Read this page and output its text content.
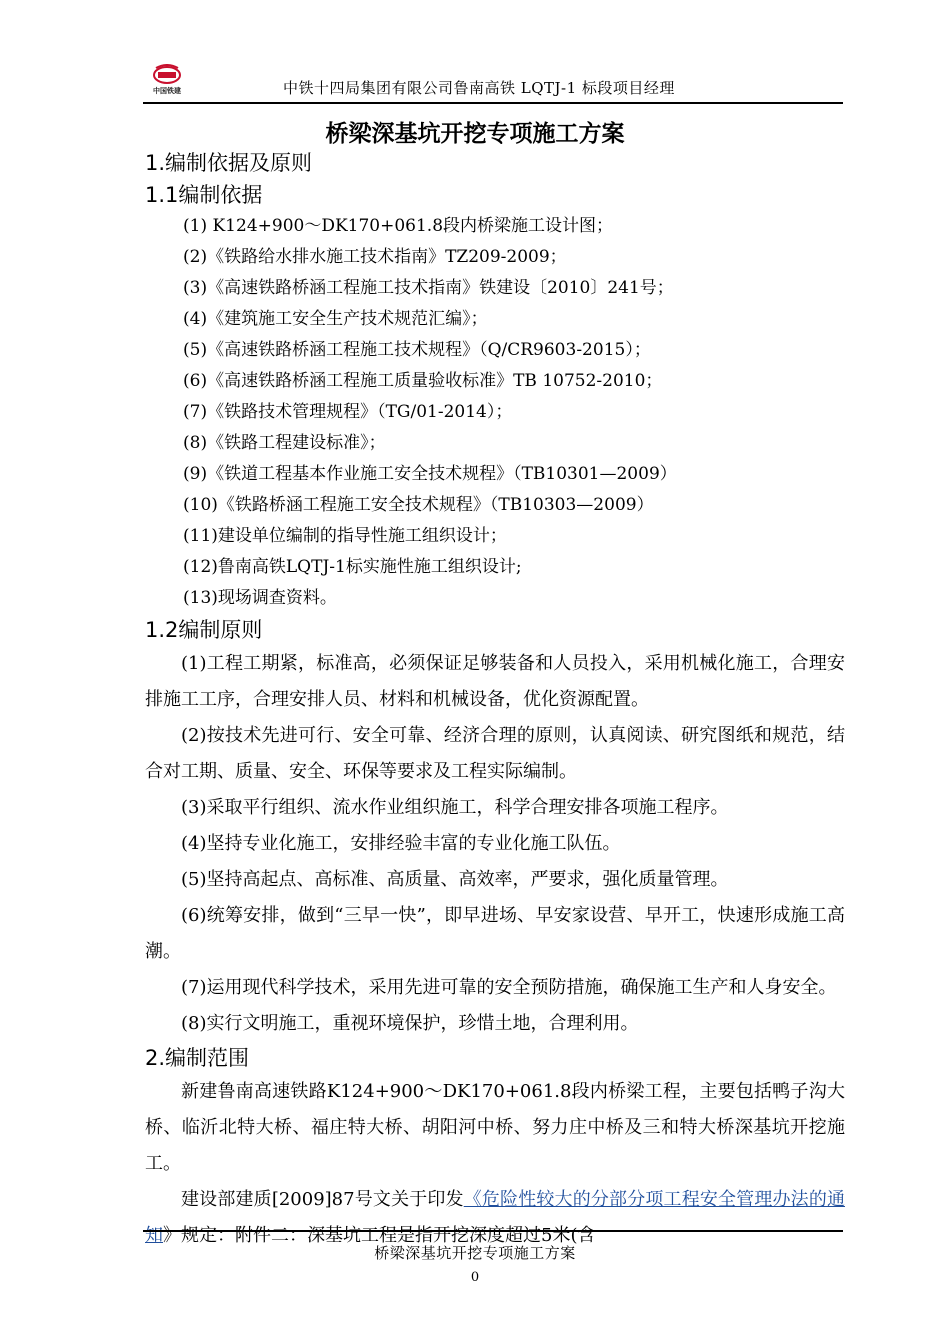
中国铁建	中铁十四局集团有限公司鲁南高铁 LQTJ-1 标段项目经理
桥梁深基坑开挖专项施工方案
1.编制依据及原则
1.1编制依据
(1) K124+900～DK170+061.8段内桥梁施工设计图；
(2)《铁路给水排水施工技术指南》TZ209-2009；
(3)《高速铁路桥涵工程施工技术指南》铁建设〔2010〕241号；
(4)《建筑施工安全生产技术规范汇编》；
(5)《高速铁路桥涵工程施工技术规程》（Q/CR9603-2015）；
(6)《高速铁路桥涵工程施工质量验收标准》TB 10752-2010；
(7)《铁路技术管理规程》（TG/01-2014）；
(8)《铁路工程建设标准》；
(9)《铁道工程基本作业施工安全技术规程》（TB10301—2009）
(10)《铁路桥涵工程施工安全技术规程》（TB10303—2009）
(11)建设单位编制的指导性施工组织设计；
(12)鲁南高铁LQTJ-1标实施性施工组织设计;
(13)现场调查资料。
1.2编制原则
(1)工程工期紧，标准高，必须保证足够装备和人员投入，采用机械化施工，合理安排施工工序，合理安排人员、材料和机械设备，优化资源配置。
(2)按技术先进可行、安全可靠、经济合理的原则，认真阅读、研究图纸和规范，结合对工期、质量、安全、环保等要求及工程实际编制。
(3)采取平行组织、流水作业组织施工，科学合理安排各项施工程序。
(4)坚持专业化施工，安排经验丰富的专业化施工队伍。
(5)坚持高起点、高标准、高质量、高效率，严要求，强化质量管理。
(6)统筹安排，做到“三早一快”，即早进场、早安家设营、早开工，快速形成施工高潮。
(7)运用现代科学技术，采用先进可靠的安全预防措施，确保施工生产和人身安全。
(8)实行文明施工，重视环境保护，珍惜土地，合理利用。
2.编制范围
新建鲁南高速铁路K124+900～DK170+061.8段内桥梁工程，主要包括鸭子沟大桥、临沂北特大桥、福庄特大桥、胡阳河中桥、努力庄中桥及三和特大桥深基坑开挖施工。
建设部建质[2009]87号文关于印发《危险性较大的分部分项工程安全管理办法的通知》规定：附件二：深基坑工程是指开挖深度超过5米(含
桥梁深基坑开挖专项施工方案
0
